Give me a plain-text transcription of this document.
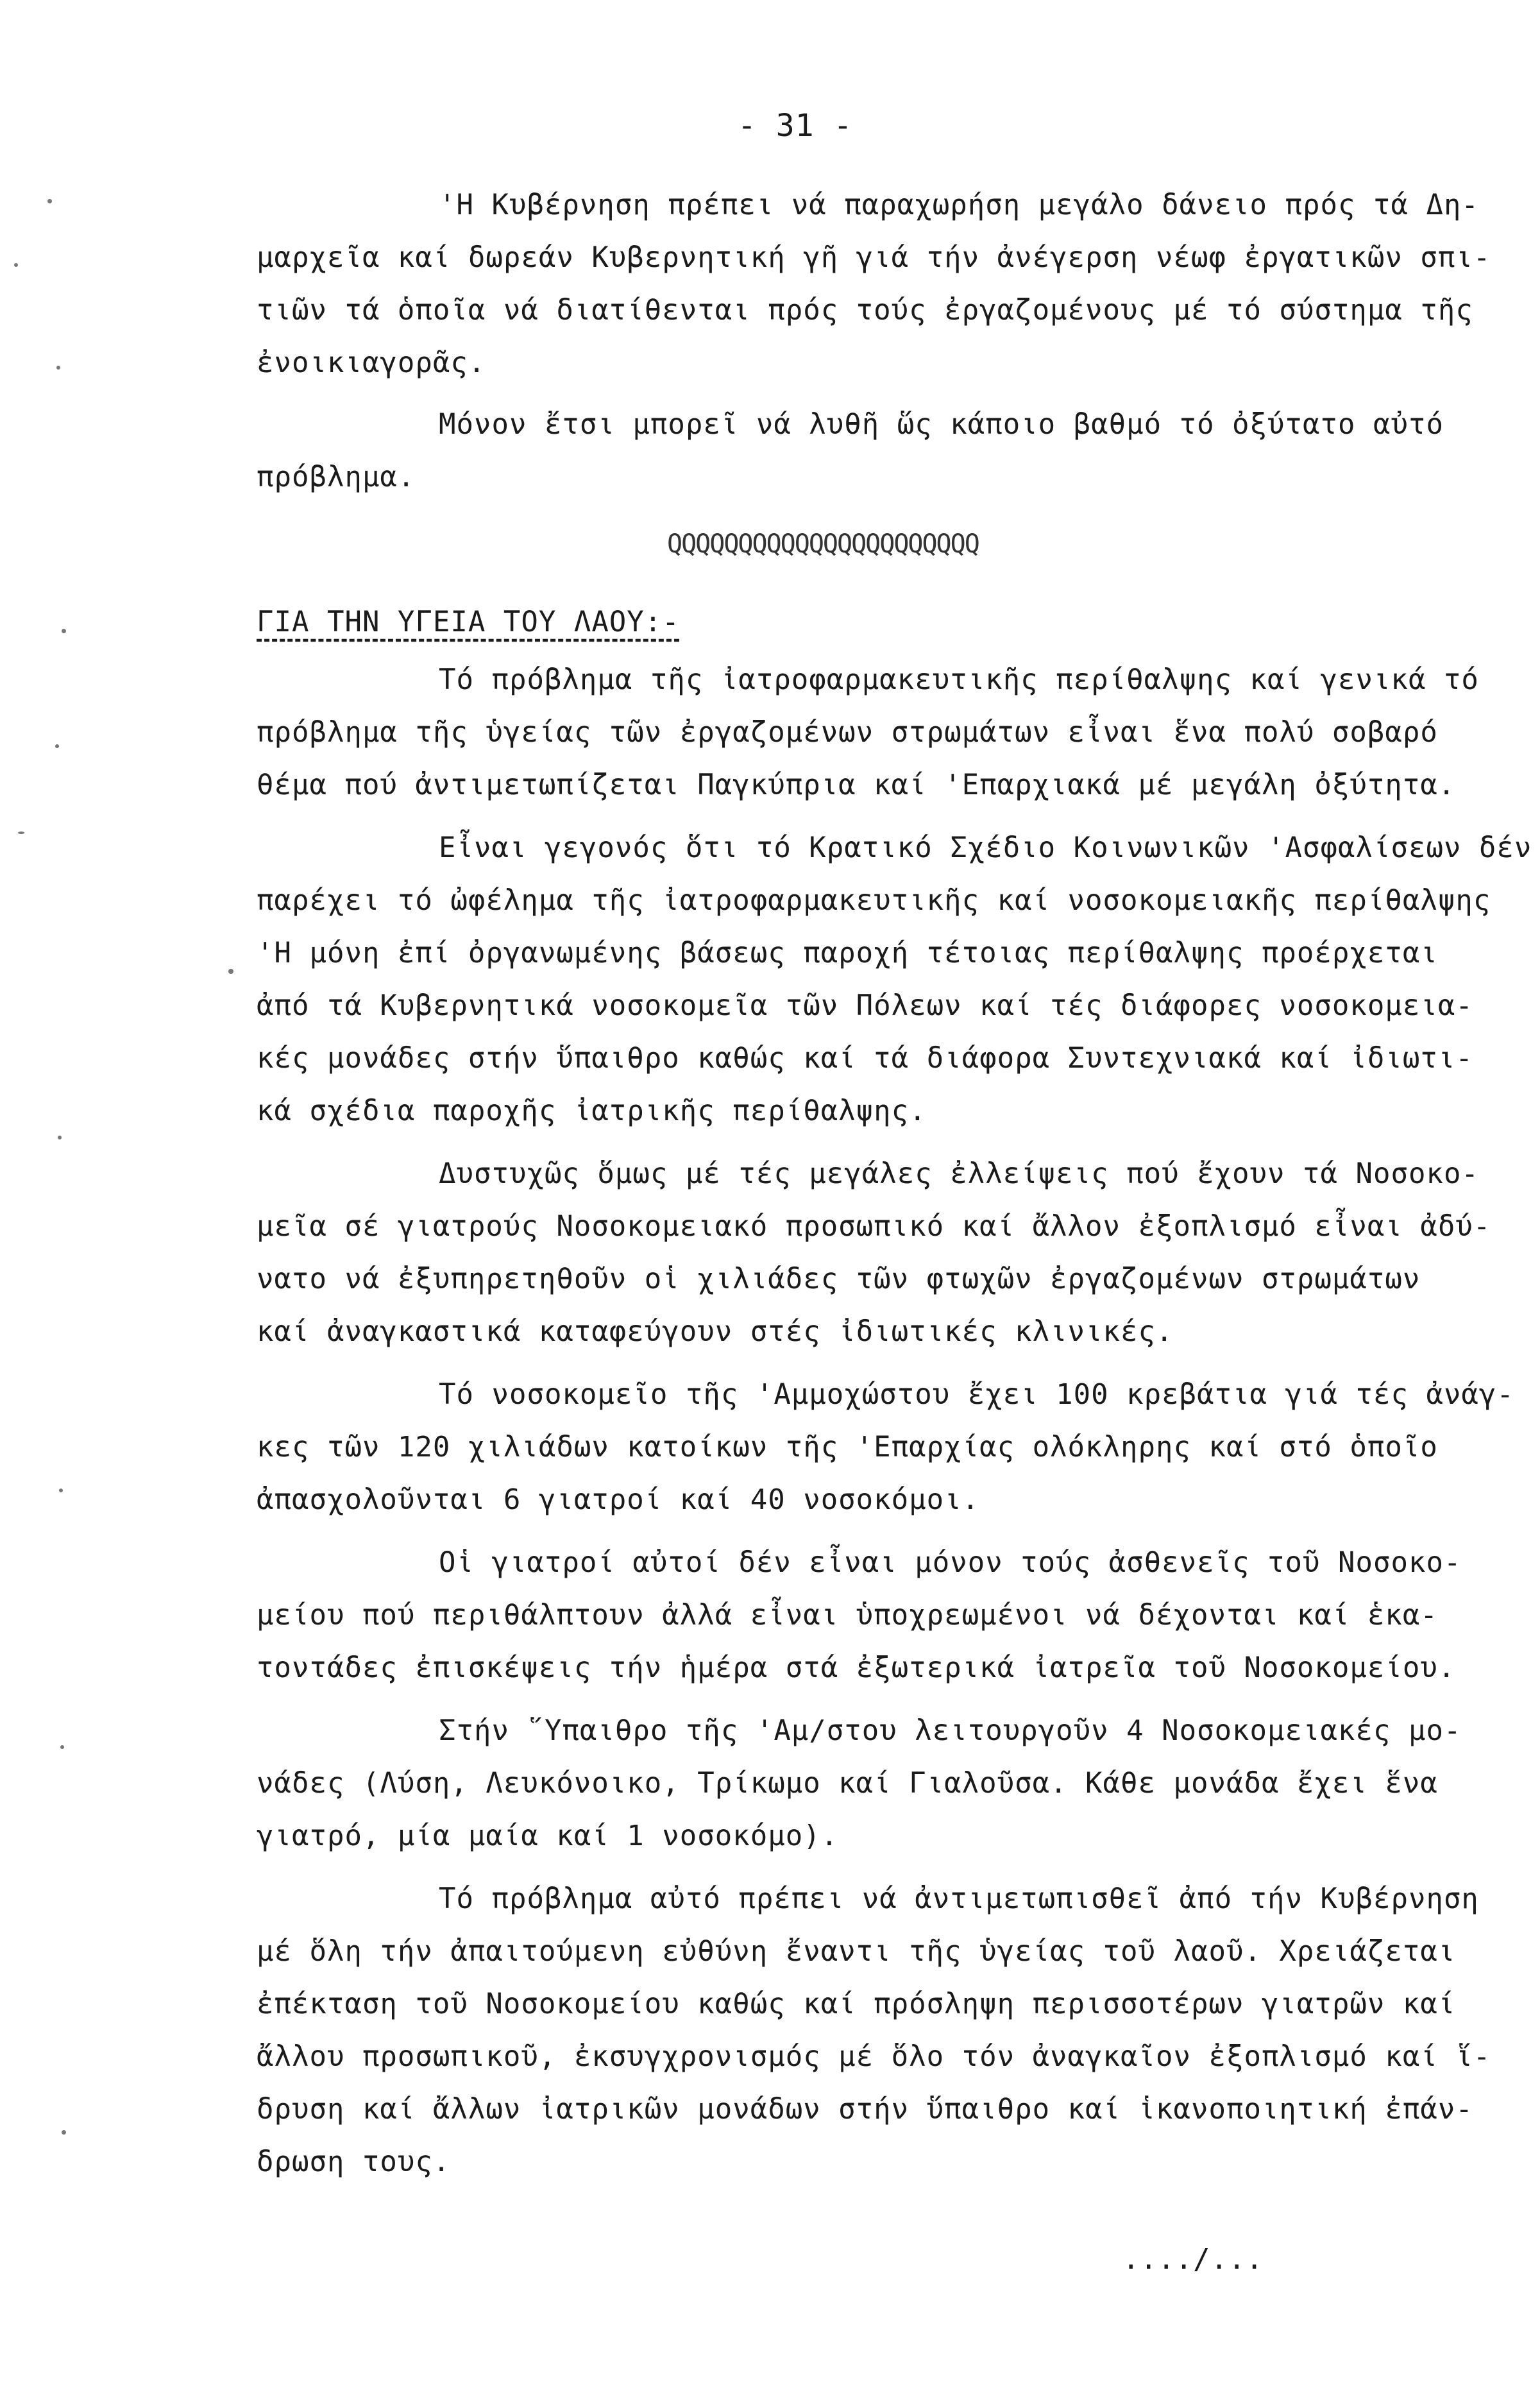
- 31 -
'Η Κυβέρνηση πρέπει νά παραχωρήση μεγάλο δάνειο πρός τά Δη-
μαρχεῖα καί δωρεάν Κυβερνητική γῆ γιά τήν ἀνέγερση νέωφ ἐργατικῶν σπι-
τιῶν τά ὁποῖα νά διατίθενται πρός τούς ἐργαζομένους μέ τό σύστημα τῆς
ἐνοικιαγορᾶς.
Μόνον ἔτσι μπορεῖ νά λυθῆ ὥς κάποιο βαθμό τό ὀξύτατο αὐτό
πρόβλημα.
QQQQQQQQQQQQQQQQQQQQQQ
ΓΙΑ ΤΗΝ ΥΓΕΙΑ ΤΟΥ ΛΑΟΥ:-
Τό πρόβλημα τῆς ἰατροφαρμακευτικῆς περίθαλψης καί γενικά τό
πρόβλημα τῆς ὑγείας τῶν ἐργαζομένων στρωμάτων εἶναι ἕνα πολύ σοβαρό
θέμα πού ἀντιμετωπίζεται Παγκύπρια καί 'Επαρχιακά μέ μεγάλη ὀξύτητα.
Εἶναι γεγονός ὅτι τό Κρατικό Σχέδιο Κοινωνικῶν 'Ασφαλίσεων δέν
παρέχει τό ὠφέλημα τῆς ἰατροφαρμακευτικῆς καί νοσοκομειακῆς περίθαλψης
'Η μόνη ἐπί ὀργανωμένης βάσεως παροχή τέτοιας περίθαλψης προέρχεται
ἀπό τά Κυβερνητικά νοσοκομεῖα τῶν Πόλεων καί τές διάφορες νοσοκομεια-
κές μονάδες στήν ὕπαιθρο καθώς καί τά διάφορα Συντεχνιακά καί ἰδιωτι-
κά σχέδια παροχῆς ἰατρικῆς περίθαλψης.
Δυστυχῶς ὅμως μέ τές μεγάλες ἐλλείψεις πού ἔχουν τά Νοσοκο-
μεῖα σέ γιατρούς Νοσοκομειακό προσωπικό καί ἄλλον ἐξοπλισμό εἶναι ἀδύ-
νατο νά ἐξυπηρετηθοῦν οἱ χιλιάδες τῶν φτωχῶν ἐργαζομένων στρωμάτων
καί ἀναγκαστικά καταφεύγουν στές ἰδιωτικές κλινικές.
Τό νοσοκομεῖο τῆς 'Αμμοχώστου ἔχει 100 κρεβάτια γιά τές ἀνάγ-
κες τῶν 120 χιλιάδων κατοίκων τῆς 'Επαρχίας ολόκληρης καί στό ὁποῖο
ἀπασχολοῦνται 6 γιατροί καί 40 νοσοκόμοι.
Οἱ γιατροί αὐτοί δέν εἶναι μόνον τούς ἀσθενεῖς τοῦ Νοσοκο-
μείου πού περιθάλπτουν ἀλλά εἶναι ὑποχρεωμένοι νά δέχονται καί ἑκα-
τοντάδες ἐπισκέψεις τήν ἡμέρα στά ἐξωτερικά ἰατρεῖα τοῦ Νοσοκομείου.
Στήν ῞Υπαιθρο τῆς 'Αμ/στου λειτουργοῦν 4 Νοσοκομειακές μο-
νάδες (Λύση, Λευκόνοικο, Τρίκωμο καί Γιαλοῦσα. Κάθε μονάδα ἔχει ἕνα
γιατρό, μία μαία καί 1 νοσοκόμο).
Τό πρόβλημα αὐτό πρέπει νά ἀντιμετωπισθεῖ ἀπό τήν Κυβέρνηση
μέ ὅλη τήν ἀπαιτούμενη εὐθύνη ἔναντι τῆς ὑγείας τοῦ λαοῦ. Χρειάζεται
ἐπέκταση τοῦ Νοσοκομείου καθώς καί πρόσληψη περισσοτέρων γιατρῶν καί
ἄλλου προσωπικοῦ, ἐκσυγχρονισμός μέ ὅλο τόν ἀναγκαῖον ἐξοπλισμό καί ἵ-
δρυση καί ἄλλων ἰατρικῶν μονάδων στήν ὕπαιθρο καί ἱκανοποιητική ἐπάν-
δρωση τους.
..../...
